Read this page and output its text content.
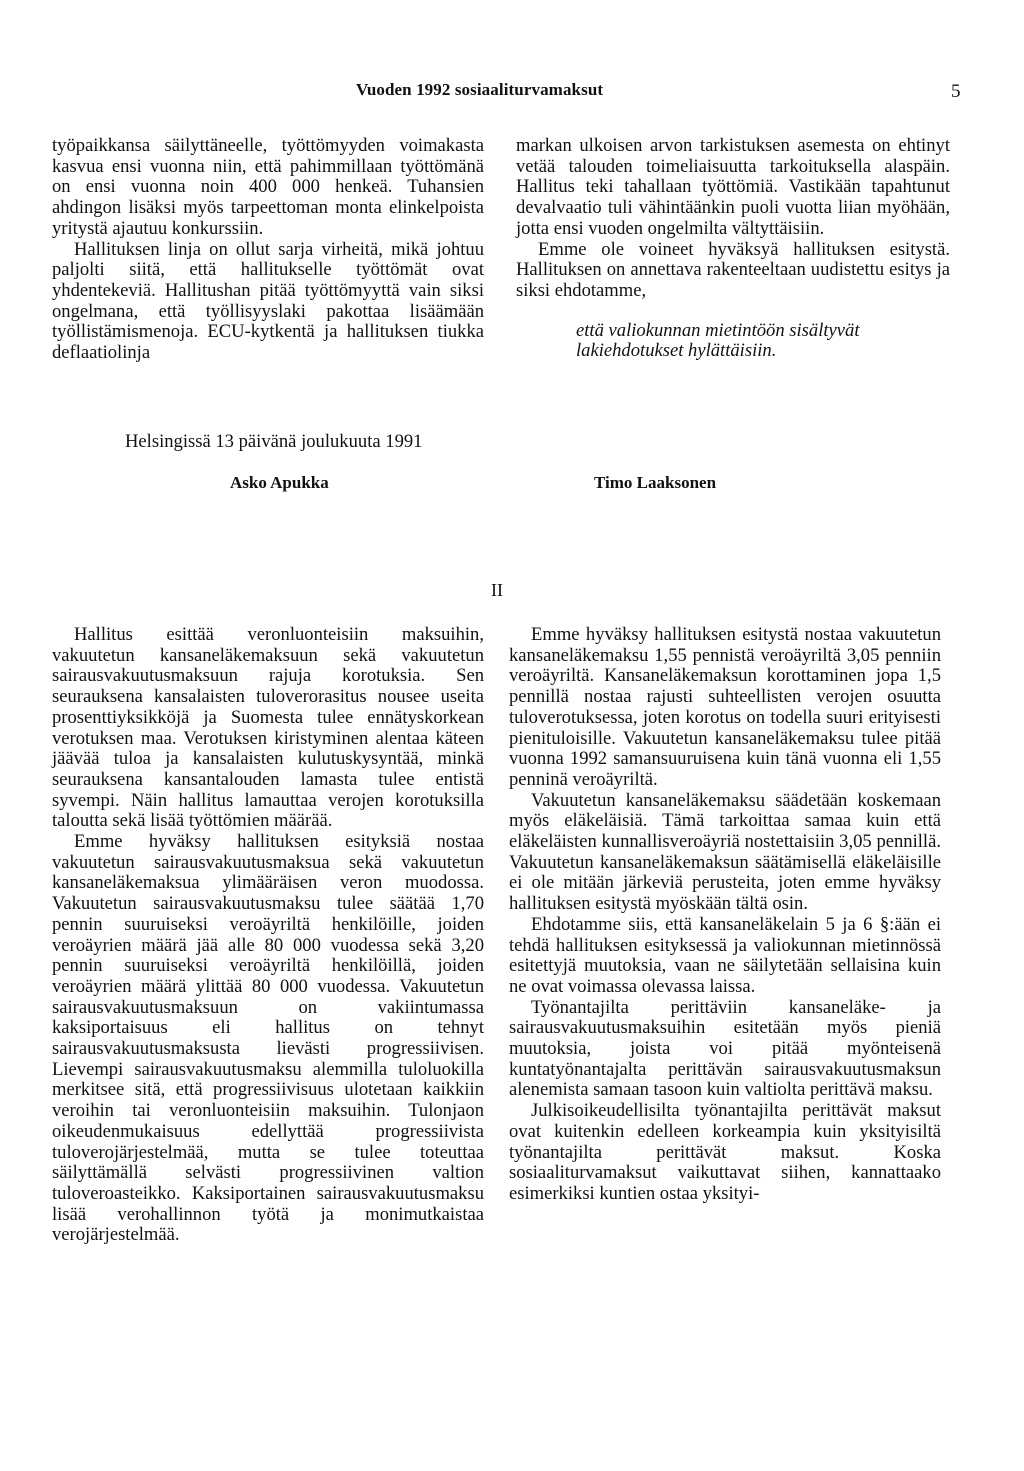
Vuoden 1992 sosiaaliturvamaksut	5

työpaikkansa säilyttäneelle, työttömyyden voimakasta kasvua ensi vuonna niin, että pahimmillaan työttömänä on ensi vuonna noin 400 000 henkeä. Tuhansien ahdingon lisäksi myös tarpeettoman monta elinkelpoista yritystä ajautuu konkurssiin.

Hallituksen linja on ollut sarja virheitä, mikä johtuu paljolti siitä, että hallitukselle työttömät ovat yhdentekeviä. Hallitushan pitää työttömyyttä vain siksi ongelmana, että työllisyyslaki pakottaa lisäämään työllistämismenoja. ECU-kytkentä ja hallituksen tiukka deflaatiolinja

markan ulkoisen arvon tarkistuksen asemesta on ehtinyt vetää talouden toimeliaisuutta tarkoituksella alaspäin. Hallitus teki tahallaan työttömiä. Vastikään tapahtunut devalvaatio tuli vähintäänkin puoli vuotta liian myöhään, jotta ensi vuoden ongelmilta vältyttäisiin.

Emme ole voineet hyväksyä hallituksen esitystä. Hallituksen on annettava rakenteeltaan uudistettu esitys ja siksi ehdotamme,

että valiokunnan mietintöön sisältyvät lakiehdotukset hylättäisiin.

Helsingissä 13 päivänä joulukuuta 1991
Asko Apukka	Timo Laaksonen
II

Hallitus esittää veronluonteisiin maksuihin, vakuutetun kansaneläkemaksuun sekä vakuutetun sairausvakuutusmaksuun rajuja korotuksia. Sen seurauksena kansalaisten tuloverorasitus nousee useita prosenttiyksikköjä ja Suomesta tulee ennätyskorkean verotuksen maa. Verotuksen kiristyminen alentaa käteen jäävää tuloa ja kansalaisten kulutuskysyntää, minkä seurauksena kansantalouden lamasta tulee entistä syvempi. Näin hallitus lamauttaa verojen korotuksilla taloutta sekä lisää työttömien määrää.

Emme hyväksy hallituksen esityksiä nostaa vakuutetun sairausvakuutusmaksua sekä vakuutetun kansaneläkemaksua ylimääräisen veron muodossa. Vakuutetun sairausvakuutusmaksu tulee säätää 1,70 pennin suuruiseksi veroäyriltä henkilöille, joiden veroäyrien määrä jää alle 80 000 vuodessa sekä 3,20 pennin suuruiseksi veroäyriltä henkilöillä, joiden veroäyrien määrä ylittää 80 000 vuodessa. Vakuutetun sairausvakuutusmaksuun on vakiintumassa kaksiportaisuus eli hallitus on tehnyt sairausvakuutusmaksusta lievästi progressiivisen. Lievempi sairausvakuutusmaksu alemmilla tuloluokilla merkitsee sitä, että progressiivisuus ulotetaan kaikkiin veroihin tai veronluonteisiin maksuihin. Tulonjaon oikeudenmukaisuus edellyttää progressiivista tuloverojärjestelmää, mutta se tulee toteuttaa säilyttämällä selvästi progressiivinen valtion tuloveroasteikko. Kaksiportainen sairausvakuutusmaksu lisää verohallinnon työtä ja monimutkaistaa verojärjestelmää.

Emme hyväksy hallituksen esitystä nostaa vakuutetun kansaneläkemaksu 1,55 pennistä veroäyriltä 3,05 penniin veroäyriltä. Kansaneläkemaksun korottaminen jopa 1,5 pennillä nostaa rajusti suhteellisten verojen osuutta tuloverotuksessa, joten korotus on todella suuri erityisesti pienituloisille. Vakuutetun kansaneläkemaksu tulee pitää vuonna 1992 samansuuruisena kuin tänä vuonna eli 1,55 penninä veroäyriltä.

Vakuutetun kansaneläkemaksu säädetään koskemaan myös eläkeläisiä. Tämä tarkoittaa samaa kuin että eläkeläisten kunnallisveroäyriä nostettaisiin 3,05 pennillä. Vakuutetun kansaneläkemaksun säätämisellä eläkeläisille ei ole mitään järkeviä perusteita, joten emme hyväksy hallituksen esitystä myöskään tältä osin.

Ehdotamme siis, että kansaneläkelain 5 ja 6 §:ään ei tehdä hallituksen esityksessä ja valiokunnan mietinnössä esitettyjä muutoksia, vaan ne säilytetään sellaisina kuin ne ovat voimassa olevassa laissa.

Työnantajilta perittäviin kansaneläke- ja sairausvakuutusmaksuihin esitetään myös pieniä muutoksia, joista voi pitää myönteisenä kuntatyönantajalta perittävän sairausvakuutusmaksun alenemista samaan tasoon kuin valtiolta perittävä maksu.

Julkisoikeudellisilta työnantajilta perittävät maksut ovat kuitenkin edelleen korkeampia kuin yksityisiltä työnantajilta perittävät maksut. Koska sosiaaliturvamaksut vaikuttavat siihen, kannattaako esimerkiksi kuntien ostaa yksityi-
